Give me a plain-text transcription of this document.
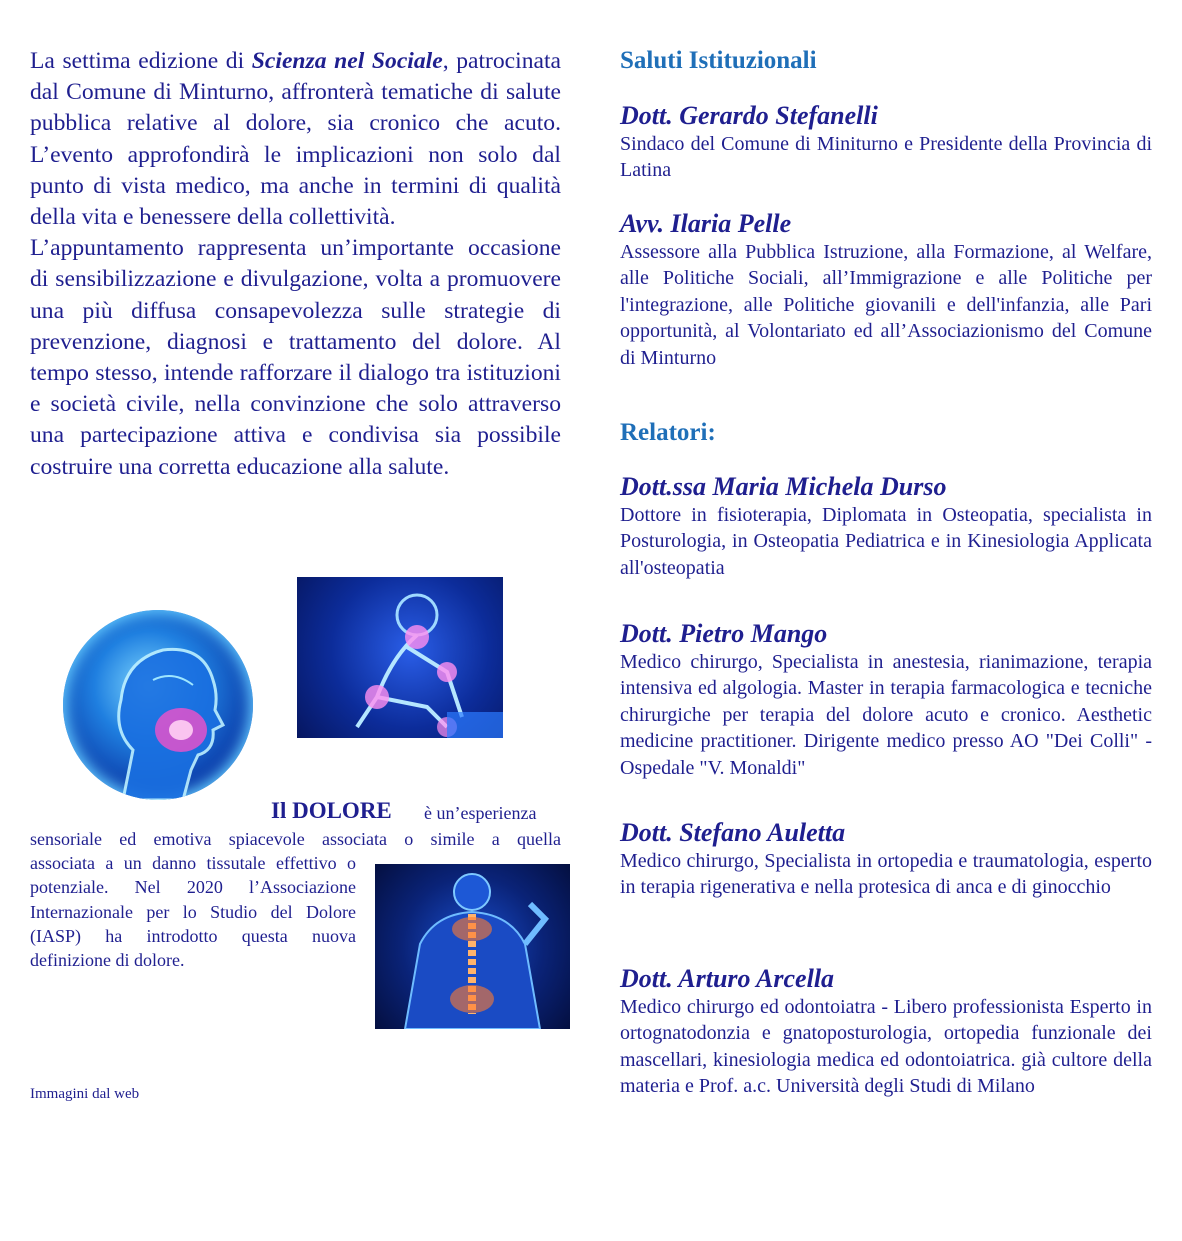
La settima edizione di Scienza nel Sociale, patrocinata dal Comune di Minturno, affronterà tematiche di salute pubblica relative al dolore, sia cronico che acuto. L’evento approfondirà le implicazioni non solo dal punto di vista medico, ma anche in termini di qualità della vita e benessere della collettività.

L’appuntamento rappresenta un’importante occasione di sensibilizzazione e divulgazione, volta a promuovere una più diffusa consapevolezza sulle strategie di prevenzione, diagnosi e trattamento del dolore. Al tempo stesso, intende rafforzare il dialogo tra istituzioni e società civile, nella convinzione che solo attraverso una partecipazione attiva e condivisa sia possibile costruire una corretta educazione alla salute.

Il DOLORE è un’esperienza
sensoriale ed emotiva spiacevole associata o simile a quella
associata a un danno tissutale effettivo o potenziale. Nel 2020 l’Associazione Internazionale per lo Studio del Dolore (IASP) ha introdotto questa nuova definizione di dolore.
Immagini dal web
Saluti Istituzionali
Dott. Gerardo Stefanelli
Sindaco del Comune di Miniturno e Presidente della Provincia di Latina
Avv. Ilaria Pelle
Assessore alla Pubblica Istruzione, alla Formazione, al Welfare, alle Politiche Sociali, all’Immigrazione e alle Politiche per l'integrazione, alle Politiche giovanili e dell'infanzia, alle Pari opportunità, al Volontariato ed all’Associazionismo del Comune di Minturno
Relatori:
Dott.ssa Maria Michela Durso
Dottore in fisioterapia, Diplomata in Osteopatia, specialista in Posturologia, in Osteopatia Pediatrica e in Kinesiologia Applicata all'osteopatia
Dott. Pietro Mango
Medico chirurgo, Specialista in anestesia, rianimazione, terapia intensiva ed algologia. Master in terapia farmacologica e tecniche chirurgiche per terapia del dolore acuto e cronico. Aesthetic medicine practitioner. Dirigente medico presso AO "Dei Colli" - Ospedale "V. Monaldi"
Dott. Stefano Auletta
Medico chirurgo, Specialista in ortopedia e traumatologia, esperto in terapia rigenerativa e nella protesica di anca e di ginocchio
Dott. Arturo Arcella
Medico chirurgo ed odontoiatra - Libero professionista Esperto in ortognatodonzia e gnatoposturologia, ortopedia funzionale dei mascellari, kinesiologia medica ed odontoiatrica. già cultore della materia e Prof. a.c. Università degli Studi di Milano
